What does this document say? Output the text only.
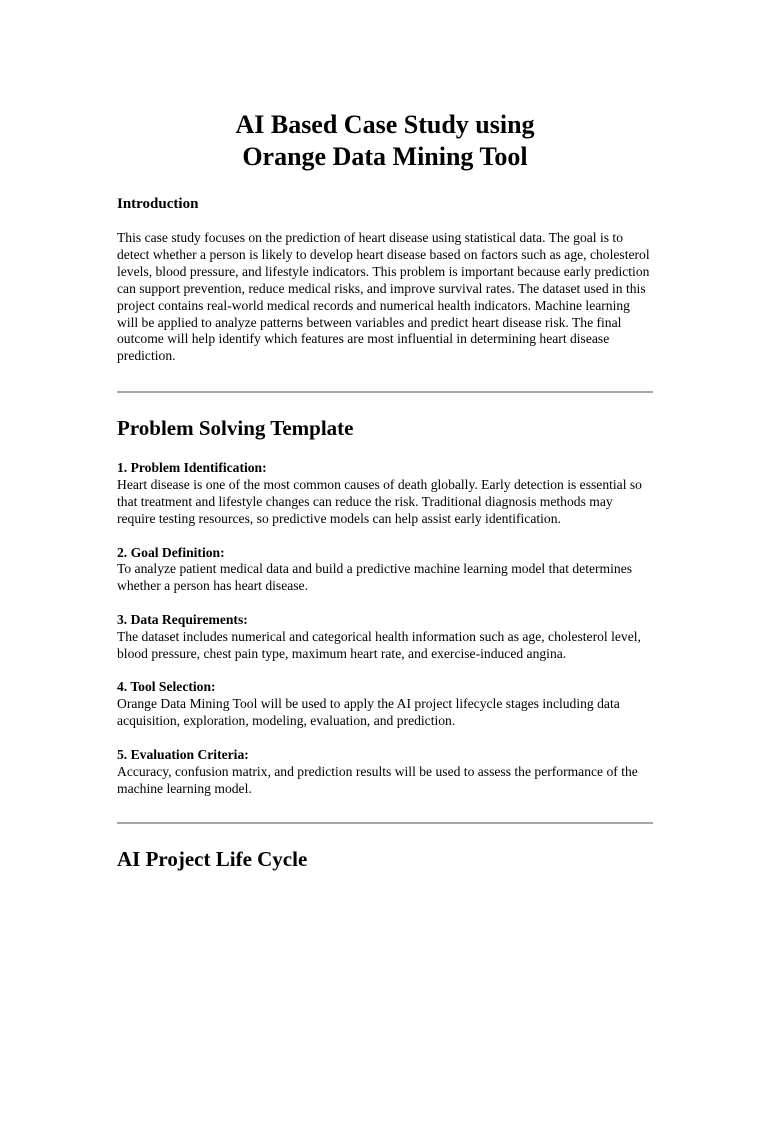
AI Based Case Study using
Orange Data Mining Tool
Introduction

This case study focuses on the prediction of heart disease using statistical data. The goal is to detect whether a person is likely to develop heart disease based on factors such as age, cholesterol levels, blood pressure, and lifestyle indicators. This problem is important because early prediction can support prevention, reduce medical risks, and improve survival rates. The dataset used in this project contains real-world medical records and numerical health indicators. Machine learning will be applied to analyze patterns between variables and predict heart disease risk. The final outcome will help identify which features are most influential in determining heart disease prediction.

Problem Solving Template
1. Problem Identification:
Heart disease is one of the most common causes of death globally. Early detection is essential so that treatment and lifestyle changes can reduce the risk. Traditional diagnosis methods may require testing resources, so predictive models can help assist early identification.
2. Goal Definition:
To analyze patient medical data and build a predictive machine learning model that determines whether a person has heart disease.
3. Data Requirements:
The dataset includes numerical and categorical health information such as age, cholesterol level, blood pressure, chest pain type, maximum heart rate, and exercise-induced angina.
4. Tool Selection:
Orange Data Mining Tool will be used to apply the AI project lifecycle stages including data acquisition, exploration, modeling, evaluation, and prediction.
5. Evaluation Criteria:
Accuracy, confusion matrix, and prediction results will be used to assess the performance of the machine learning model.
AI Project Life Cycle
